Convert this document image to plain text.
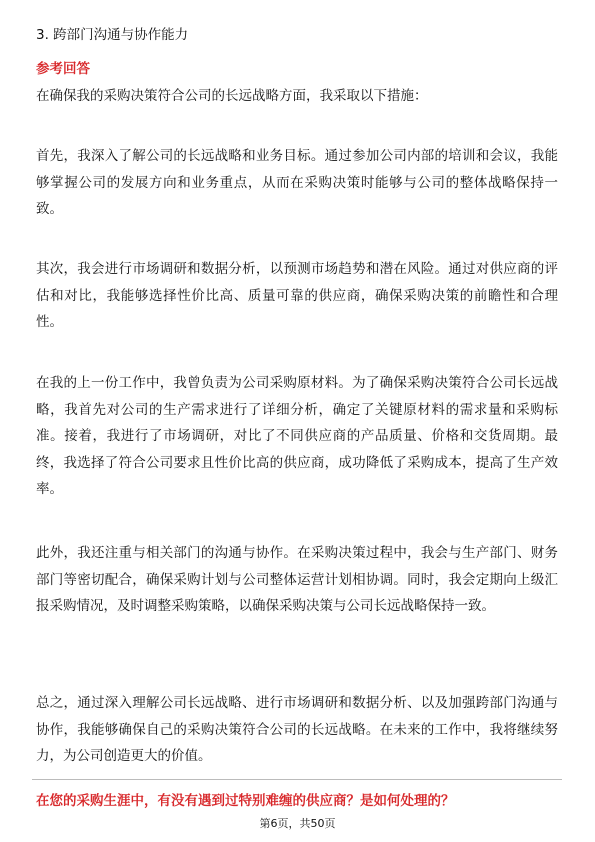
3. 跨部门沟通与协作能力
参考回答

在确保我的采购决策符合公司的长远战略方面，我采取以下措施：

首先，我深入了解公司的长远战略和业务目标。通过参加公司内部的培训和会议，我能够掌握公司的发展方向和业务重点，从而在采购决策时能够与公司的整体战略保持一致。

其次，我会进行市场调研和数据分析，以预测市场趋势和潜在风险。通过对供应商的评估和对比，我能够选择性价比高、质量可靠的供应商，确保采购决策的前瞻性和合理性。

在我的上一份工作中，我曾负责为公司采购原材料。为了确保采购决策符合公司长远战略，我首先对公司的生产需求进行了详细分析，确定了关键原材料的需求量和采购标准。接着，我进行了市场调研，对比了不同供应商的产品质量、价格和交货周期。最终，我选择了符合公司要求且性价比高的供应商，成功降低了采购成本，提高了生产效率。

此外，我还注重与相关部门的沟通与协作。在采购决策过程中，我会与生产部门、财务部门等密切配合，确保采购计划与公司整体运营计划相协调。同时，我会定期向上级汇报采购情况，及时调整采购策略，以确保采购决策与公司长远战略保持一致。

总之，通过深入理解公司长远战略、进行市场调研和数据分析、以及加强跨部门沟通与协作，我能够确保自己的采购决策符合公司的长远战略。在未来的工作中，我将继续努力，为公司创造更大的价值。

在您的采购生涯中，有没有遇到过特别难缠的供应商？是如何处理的？
第6页，共50页
